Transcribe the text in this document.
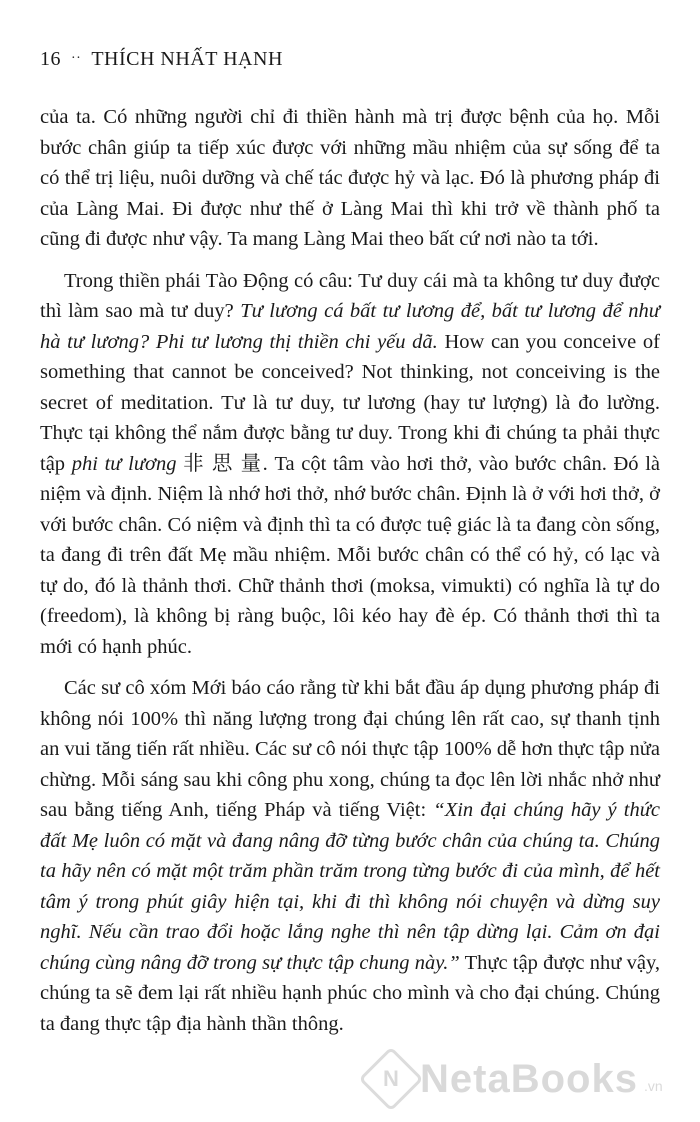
16 ·· THÍCH NHẤT HẠNH

của ta. Có những người chỉ đi thiền hành mà trị được bệnh của họ. Mỗi bước chân giúp ta tiếp xúc được với những mầu nhiệm của sự sống để ta có thể trị liệu, nuôi dưỡng và chế tác được hỷ và lạc. Đó là phương pháp đi của Làng Mai. Đi được như thế ở Làng Mai thì khi trở về thành phố ta cũng đi được như vậy. Ta mang Làng Mai theo bất cứ nơi nào ta tới.

Trong thiền phái Tào Động có câu: Tư duy cái mà ta không tư duy được thì làm sao mà tư duy? Tư lương cá bất tư lương để, bất tư lương để như hà tư lương? Phi tư lương thị thiền chi yếu dã. How can you conceive of something that cannot be conceived? Not thinking, not conceiving is the secret of meditation. Tư là tư duy, tư lương (hay tư lượng) là đo lường. Thực tại không thể nắm được bằng tư duy. Trong khi đi chúng ta phải thực tập phi tư lương 非 思 量. Ta cột tâm vào hơi thở, vào bước chân. Đó là niệm và định. Niệm là nhớ hơi thở, nhớ bước chân. Định là ở với hơi thở, ở với bước chân. Có niệm và định thì ta có được tuệ giác là ta đang còn sống, ta đang đi trên đất Mẹ mầu nhiệm. Mỗi bước chân có thể có hỷ, có lạc và tự do, đó là thảnh thơi. Chữ thảnh thơi (moksa, vimukti) có nghĩa là tự do (freedom), là không bị ràng buộc, lôi kéo hay đè ép. Có thảnh thơi thì ta mới có hạnh phúc.

Các sư cô xóm Mới báo cáo rằng từ khi bắt đầu áp dụng phương pháp đi không nói 100% thì năng lượng trong đại chúng lên rất cao, sự thanh tịnh an vui tăng tiến rất nhiều. Các sư cô nói thực tập 100% dễ hơn thực tập nửa chừng. Mỗi sáng sau khi công phu xong, chúng ta đọc lên lời nhắc nhở như sau bằng tiếng Anh, tiếng Pháp và tiếng Việt: “Xin đại chúng hãy ý thức đất Mẹ luôn có mặt và đang nâng đỡ từng bước chân của chúng ta. Chúng ta hãy nên có mặt một trăm phần trăm trong từng bước đi của mình, để hết tâm ý trong phút giây hiện tại, khi đi thì không nói chuyện và dừng suy nghĩ. Nếu cần trao đổi hoặc lắng nghe thì nên tập dừng lại. Cảm ơn đại chúng cùng nâng đỡ trong sự thực tập chung này.” Thực tập được như vậy, chúng ta sẽ đem lại rất nhiều hạnh phúc cho mình và cho đại chúng. Chúng ta đang thực tập địa hành thần thông.

N NetaBooks .vn
